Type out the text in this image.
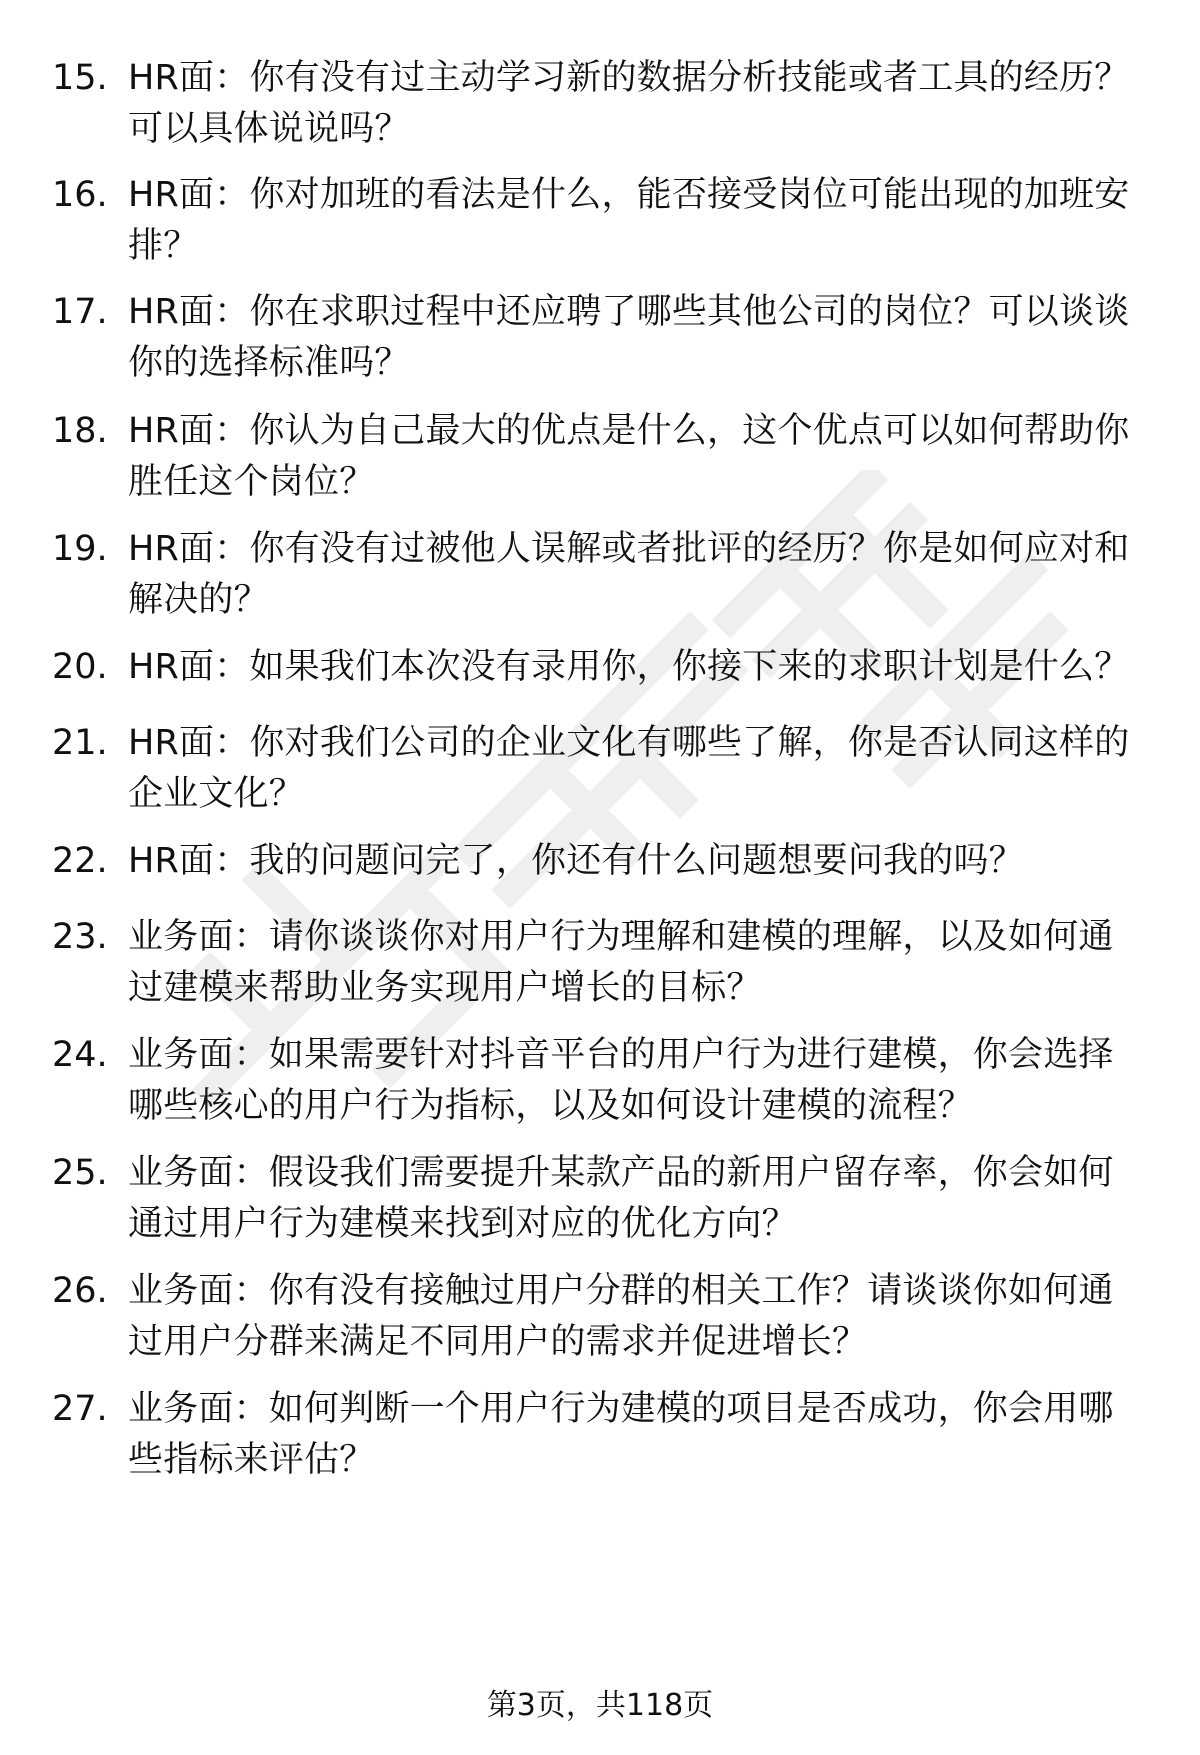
15. HR面：你有没有过主动学习新的数据分析技能或者工具的经历？
可以具体说说吗？
16. HR面：你对加班的看法是什么，能否接受岗位可能出现的加班安
排？
17. HR面：你在求职过程中还应聘了哪些其他公司的岗位？可以谈谈
你的选择标准吗？
18. HR面：你认为自己最大的优点是什么，这个优点可以如何帮助你
胜任这个岗位？
19. HR面：你有没有过被他人误解或者批评的经历？你是如何应对和
解决的？
20. HR面：如果我们本次没有录用你，你接下来的求职计划是什么？
21. HR面：你对我们公司的企业文化有哪些了解，你是否认同这样的
企业文化？
22. HR面：我的问题问完了，你还有什么问题想要问我的吗？
23. 业务面：请你谈谈你对用户行为理解和建模的理解，以及如何通
过建模来帮助业务实现用户增长的目标？
24. 业务面：如果需要针对抖音平台的用户行为进行建模，你会选择
哪些核心的用户行为指标，以及如何设计建模的流程？
25. 业务面：假设我们需要提升某款产品的新用户留存率，你会如何
通过用户行为建模来找到对应的优化方向？
26. 业务面：你有没有接触过用户分群的相关工作？请谈谈你如何通
过用户分群来满足不同用户的需求并促进增长？
27. 业务面：如何判断一个用户行为建模的项目是否成功，你会用哪
些指标来评估？
第3页，共118页
